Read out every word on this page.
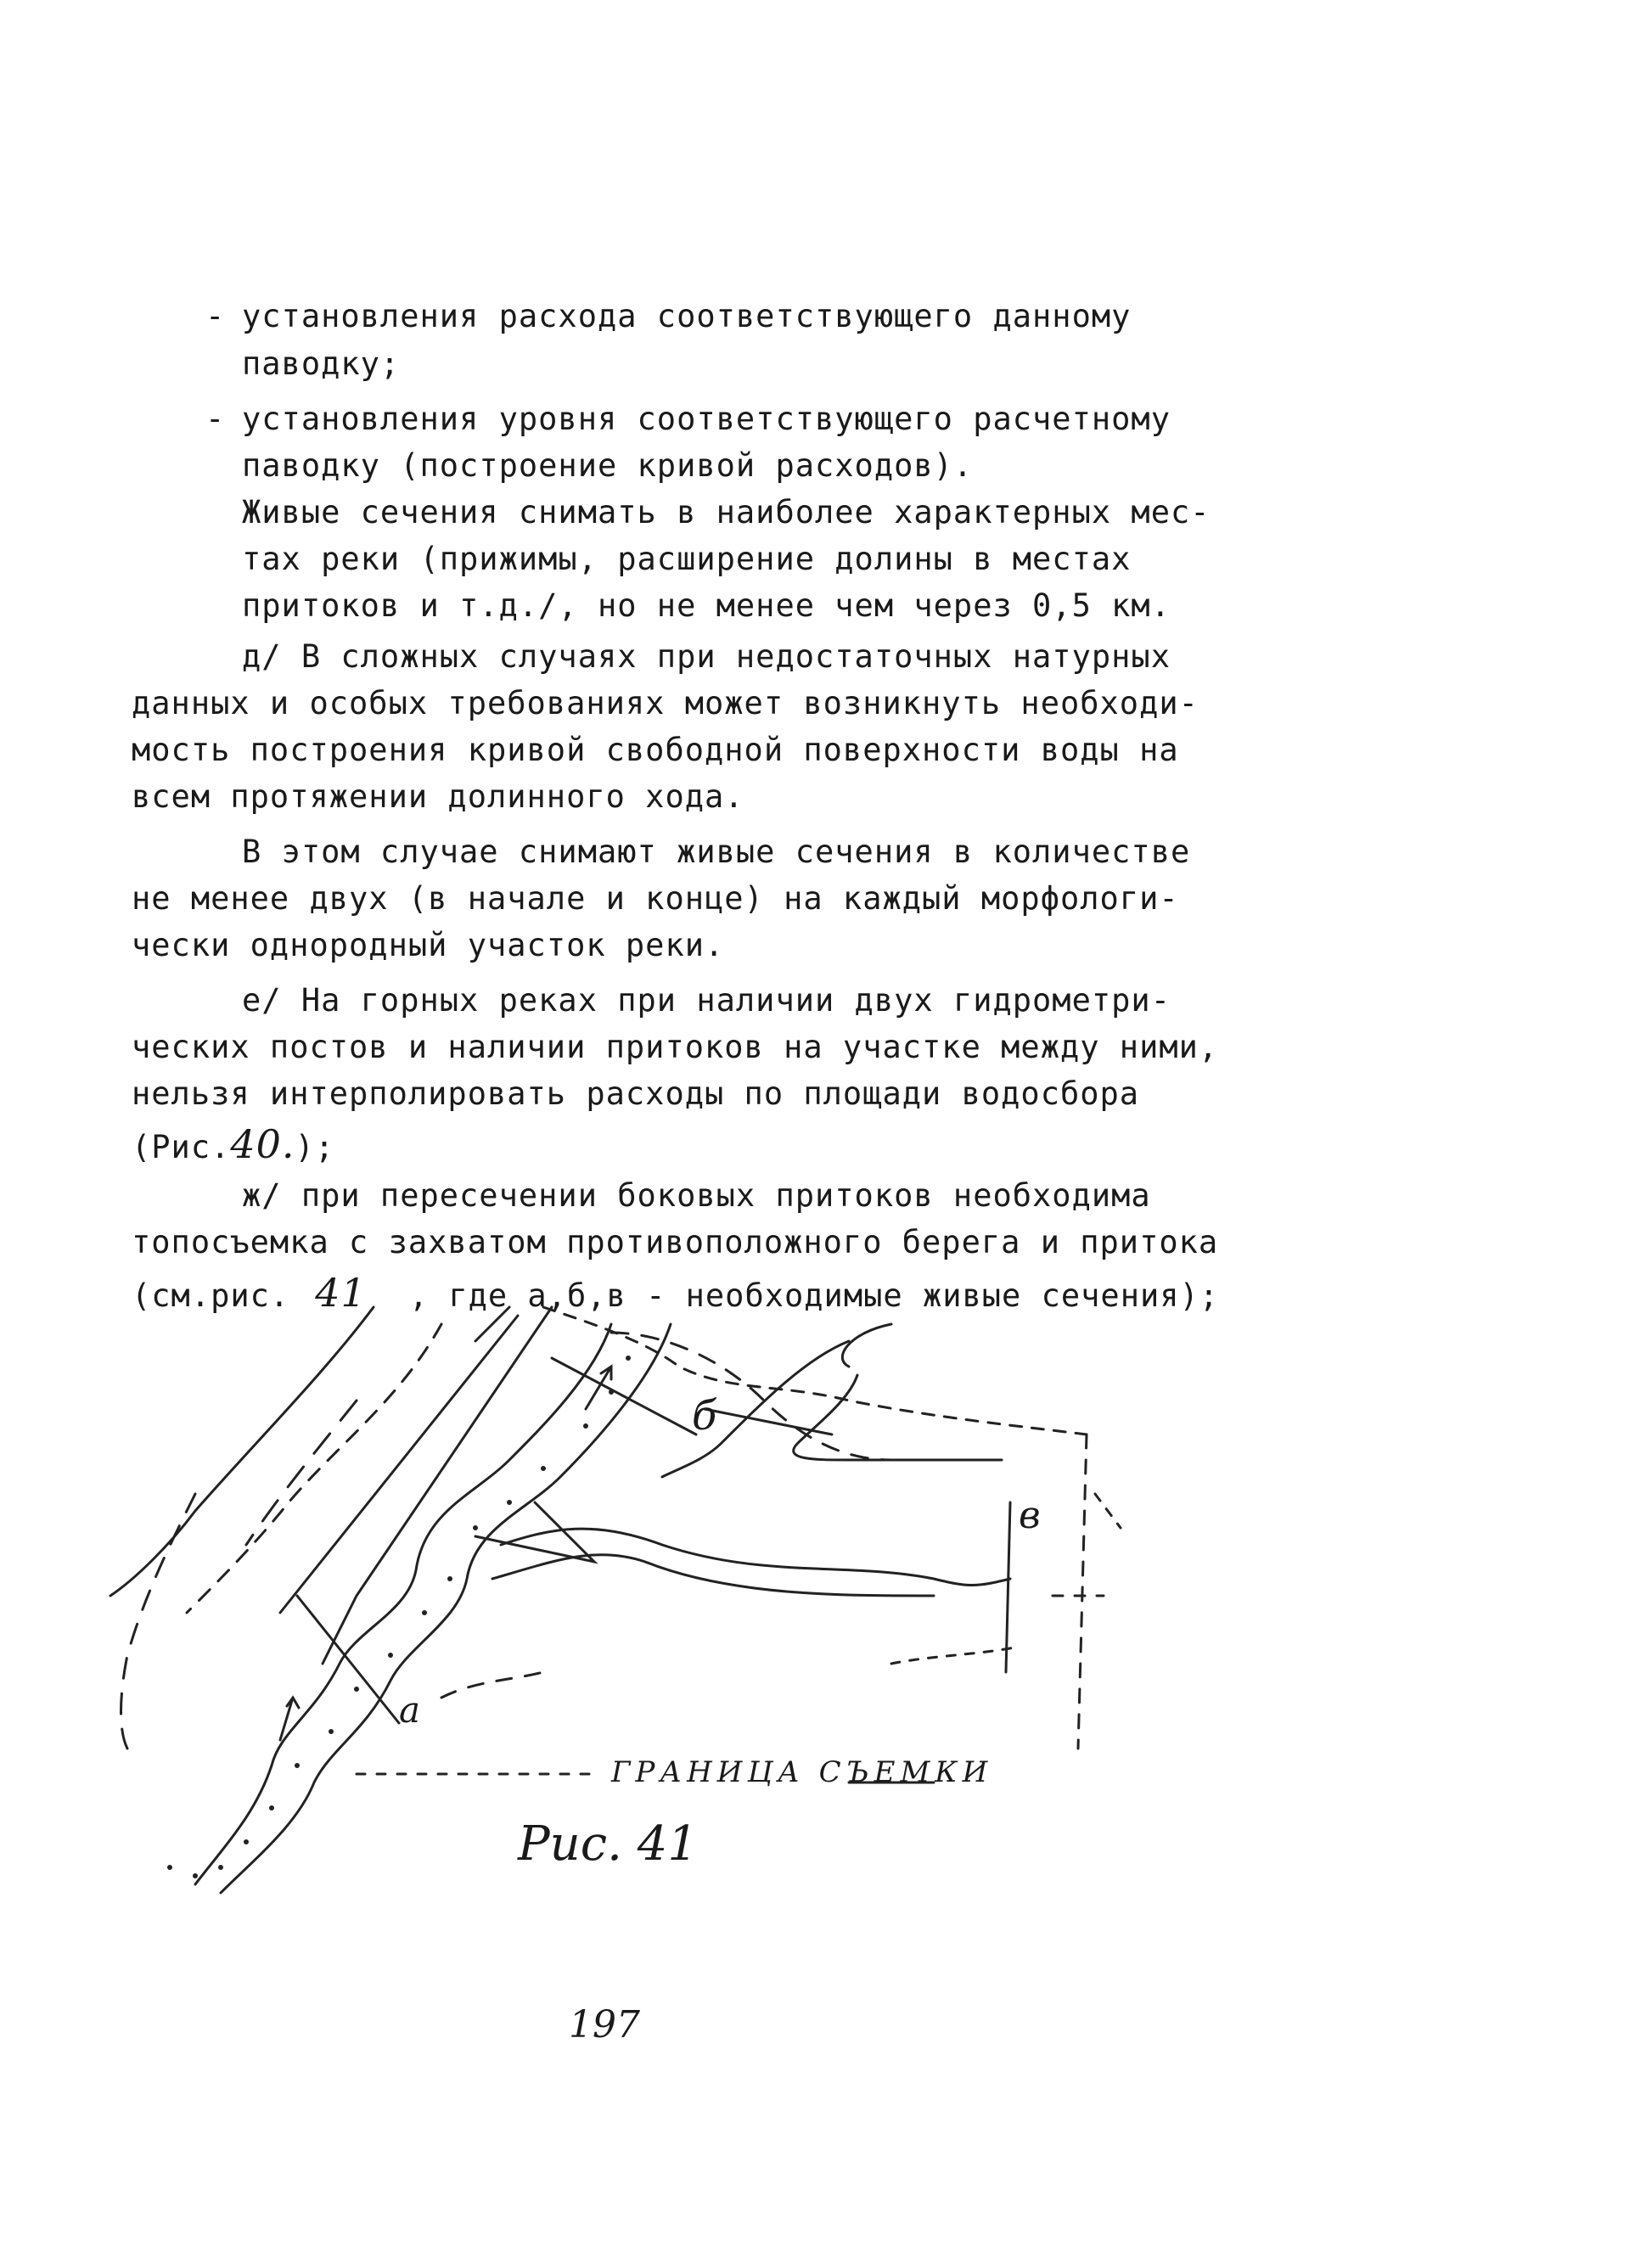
- установления расхода соответствующего данному
паводку;
- установления уровня соответствующего расчетному
паводку (построение кривой расходов).
Живые сечения снимать в наиболее характерных мес-
тах реки (прижимы, расширение долины в местах
притоков и т.д./, но не менее чем через 0,5 км.
д/ В сложных случаях при недостаточных натурных
данных и особых требованиях может возникнуть необходи-
мость построения кривой свободной поверхности воды на
всем протяжении долинного хода.
В этом случае снимают живые сечения в количестве
не менее двух (в начале и конце) на каждый морфологи-
чески однородный участок реки.
е/ На горных реках при наличии двух гидрометри-
ческих постов и наличии притоков на участке между ними,
нельзя интерполировать расходы по площади водосбора
(Рис.40.);
ж/ при пересечении боковых притоков необходима
топосъемка с захватом противоположного берега и притока
(см.рис. 41 , где а,б,в - необходимые живые сечения);
а
б
в
ГРАНИЦА СЪЕМКИ
Рис. 41
197
